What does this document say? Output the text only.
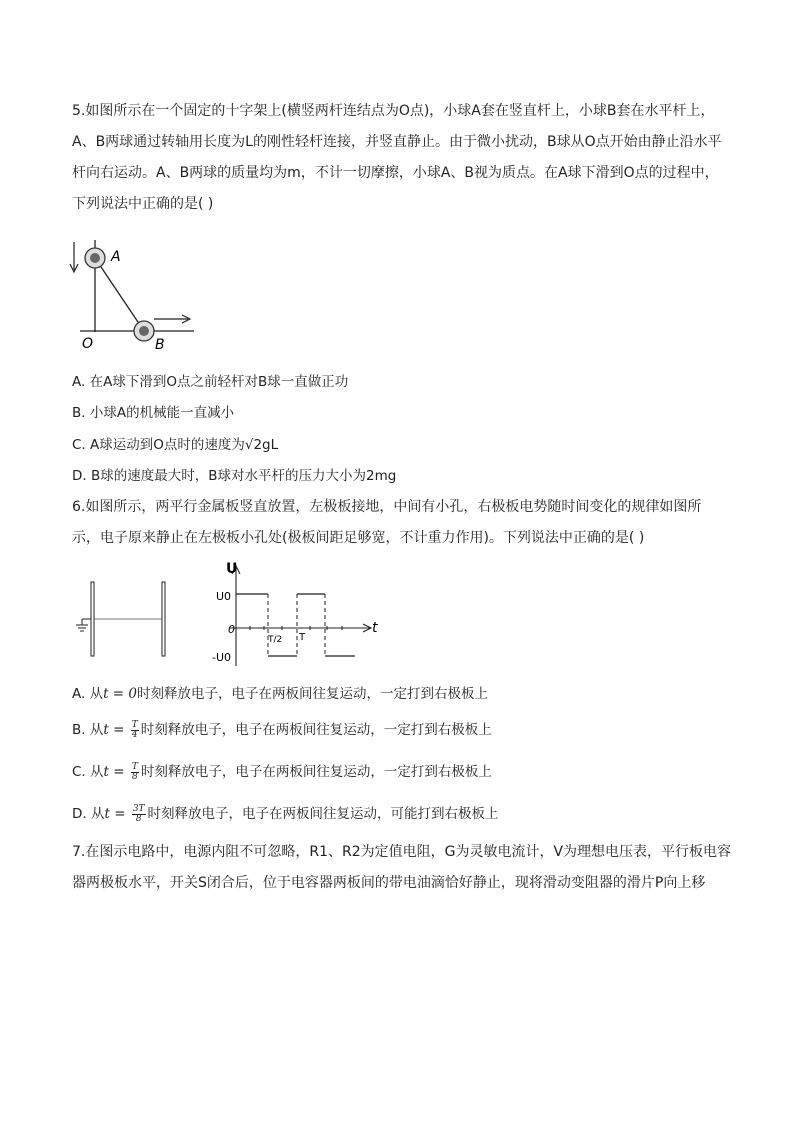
5.如图所示在一个固定的十字架上(横竖两杆连结点为O点)，小球A套在竖直杆上，小球B套在水平杆上，
A、B两球通过转轴用长度为L的刚性轻杆连接，并竖直静止。由于微小扰动，B球从O点开始由静止沿水平
杆向右运动。A、B两球的质量均为m，不计一切摩擦，小球A、B视为质点。在A球下滑到O点的过程中，
下列说法中正确的是( )
A
O	B
A. 在A球下滑到O点之前轻杆对B球一直做正功
B. 小球A的机械能一直减小
C. A球运动到O点时的速度为√2gL
D. B球的速度最大时，B球对水平杆的压力大小为2mg
6.如图所示，两平行金属板竖直放置，左极板接地，中间有小孔，右极板电势随时间变化的规律如图所
示，电子原来静止在左极板小孔处(极板间距足够宽，不计重力作用)。下列说法中正确的是( )
U
t
0
U0
-U0
T/2 T
A. 从t = 0时刻释放电子，电子在两板间往复运动，一定打到右极板上
B. 从$t = \frac{T}{4}$ 时刻释放电子，电子在两板间往复运动，一定打到右极板上
C. 从$t = \frac{T}{8}$ 时刻释放电子，电子在两板间往复运动，一定打到右极板上
D. 从$t = \frac{3T}{8}$ 时刻释放电子，电子在两板间往复运动，可能打到右极板上
7.在图示电路中，电源内阻不可忽略，R1、R2为定值电阻，G为灵敏电流计，V为理想电压表，平行板电容
器两极板水平，开关S闭合后，位于电容器两板间的带电油滴恰好静止，现将滑动变阻器的滑片P向上移
